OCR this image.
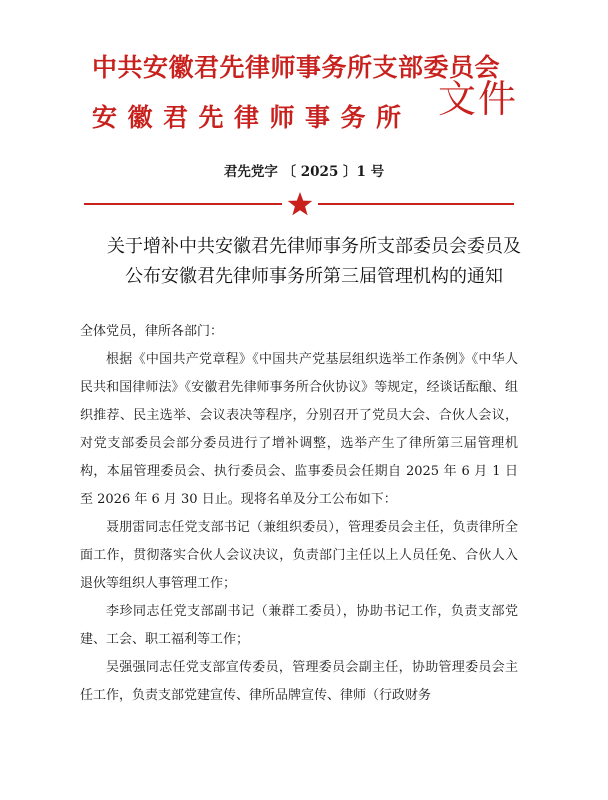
中共安徽君先律师事务所支部委员会
安徽君先律师事务所 文件
君先党字 〔 2025 〕1 号
关于增补中共安徽君先律师事务所支部委员会委员及
公布安徽君先律师事务所第三届管理机构的通知

全体党员，律所各部门：

根据《中国共产党章程》《中国共产党基层组织选举工作条例》《中华人民共和国律师法》《安徽君先律师事务所合伙协议》等规定，经谈话酝酿、组织推荐、民主选举、会议表决等程序，分别召开了党员大会、合伙人会议，对党支部委员会部分委员进行了增补调整，选举产生了律所第三届管理机构，本届管理委员会、执行委员会、监事委员会任期自 2025 年 6 月 1 日至 2026 年 6 月 30 日止。现将名单及分工公布如下：

聂朋雷同志任党支部书记（兼组织委员），管理委员会主任，负责律所全面工作，贯彻落实合伙人会议决议，负责部门主任以上人员任免、合伙人入退伙等组织人事管理工作；

李珍同志任党支部副书记（兼群工委员），协助书记工作，负责支部党建、工会、职工福利等工作；

吴强强同志任党支部宣传委员，管理委员会副主任，协助管理委员会主任工作，负责支部党建宣传、律所品牌宣传、律师（行政财务
